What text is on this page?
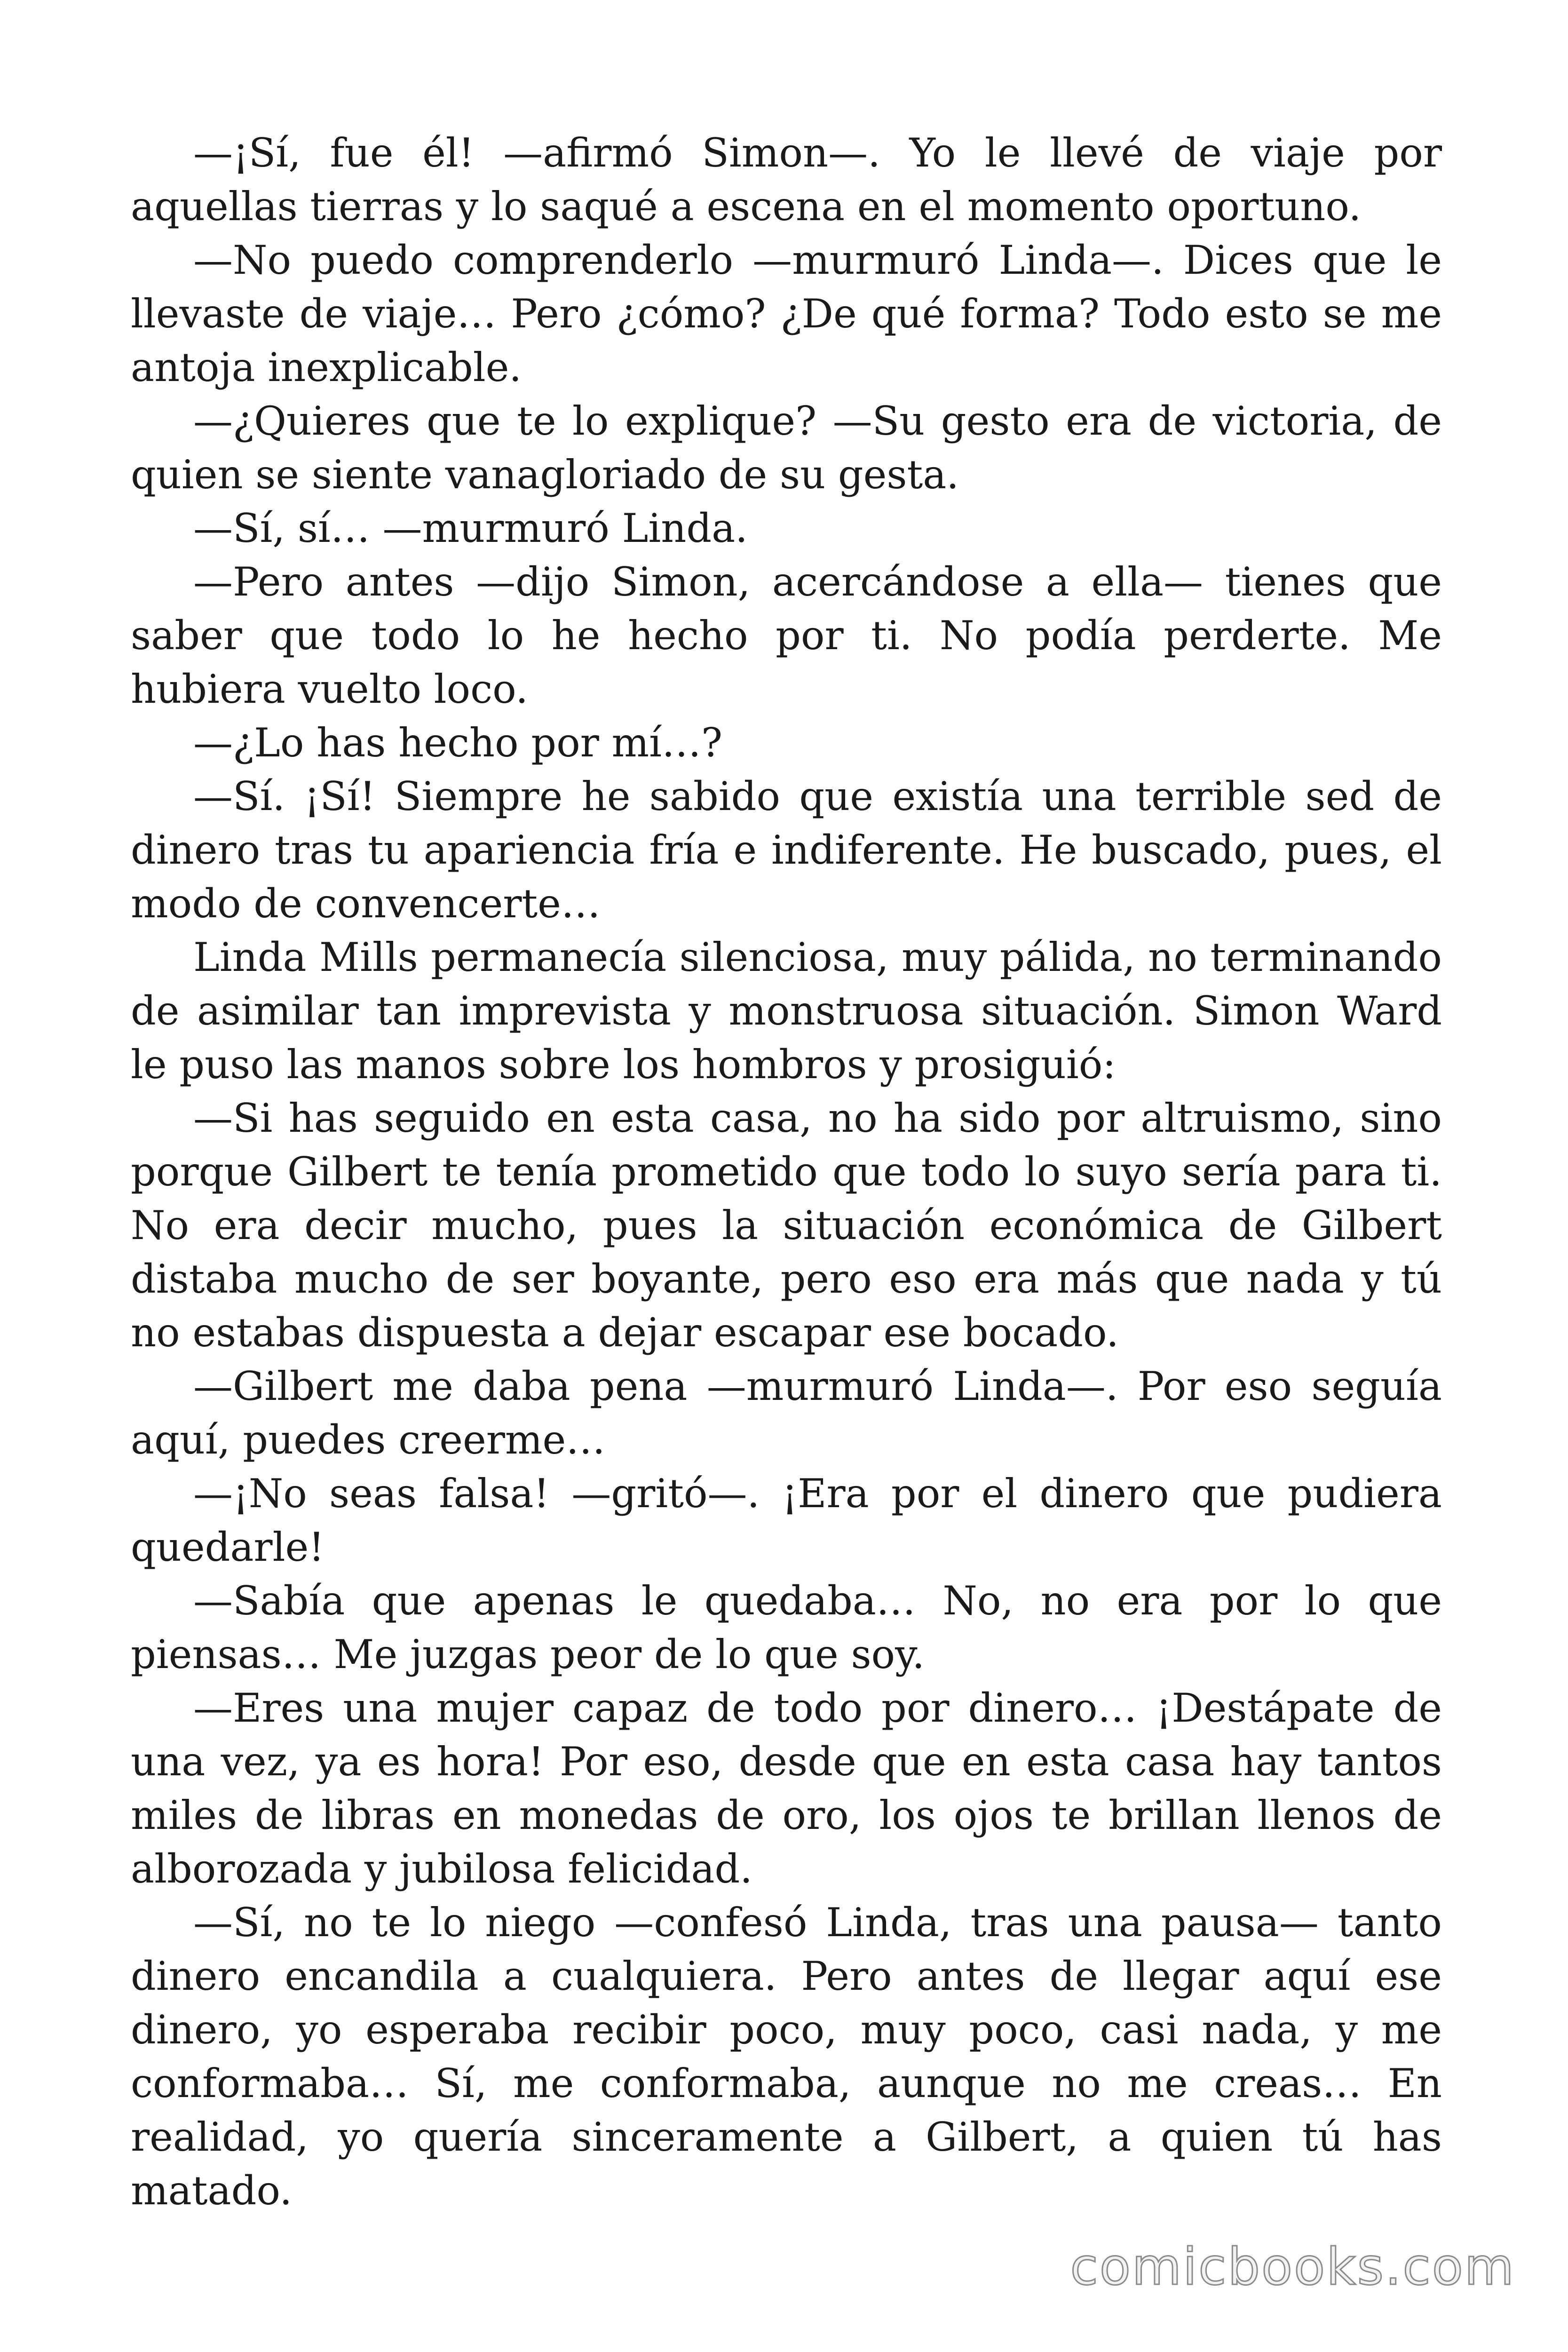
—¡Sí, fue él! —afirmó Simon—. Yo le llevé de viaje por aquellas tierras y lo saqué a escena en el momento oportuno.

—No puedo comprenderlo —murmuró Linda—. Dices que le llevaste de viaje… Pero ¿cómo? ¿De qué forma? Todo esto se me antoja inexplicable.

—¿Quieres que te lo explique? —Su gesto era de victoria, de quien se siente vanagloriado de su gesta.

—Sí, sí… —murmuró Linda.

—Pero antes —dijo Simon, acercándose a ella— tienes que saber que todo lo he hecho por ti. No podía perderte. Me hubiera vuelto loco.

—¿Lo has hecho por mí…?

—Sí. ¡Sí! Siempre he sabido que existía una terrible sed de dinero tras tu apariencia fría e indiferente. He buscado, pues, el modo de convencerte…

Linda Mills permanecía silenciosa, muy pálida, no terminando de asimilar tan imprevista y monstruosa situación. Simon Ward le puso las manos sobre los hombros y prosiguió:

—Si has seguido en esta casa, no ha sido por altruismo, sino porque Gilbert te tenía prometido que todo lo suyo sería para ti. No era decir mucho, pues la situación económica de Gilbert distaba mucho de ser boyante, pero eso era más que nada y tú no estabas dispuesta a dejar escapar ese bocado.

—Gilbert me daba pena —murmuró Linda—. Por eso seguía aquí, puedes creerme…

—¡No seas falsa! —gritó—. ¡Era por el dinero que pudiera quedarle!

—Sabía que apenas le quedaba… No, no era por lo que piensas… Me juzgas peor de lo que soy.

—Eres una mujer capaz de todo por dinero… ¡Destápate de una vez, ya es hora! Por eso, desde que en esta casa hay tantos miles de libras en monedas de oro, los ojos te brillan llenos de alborozada y jubilosa felicidad.

—Sí, no te lo niego —confesó Linda, tras una pausa— tanto dinero encandila a cualquiera. Pero antes de llegar aquí ese dinero, yo esperaba recibir poco, muy poco, casi nada, y me conformaba… Sí, me conformaba, aunque no me creas… En realidad, yo quería sinceramente a Gilbert, a quien tú has matado.

comicbooks.com
